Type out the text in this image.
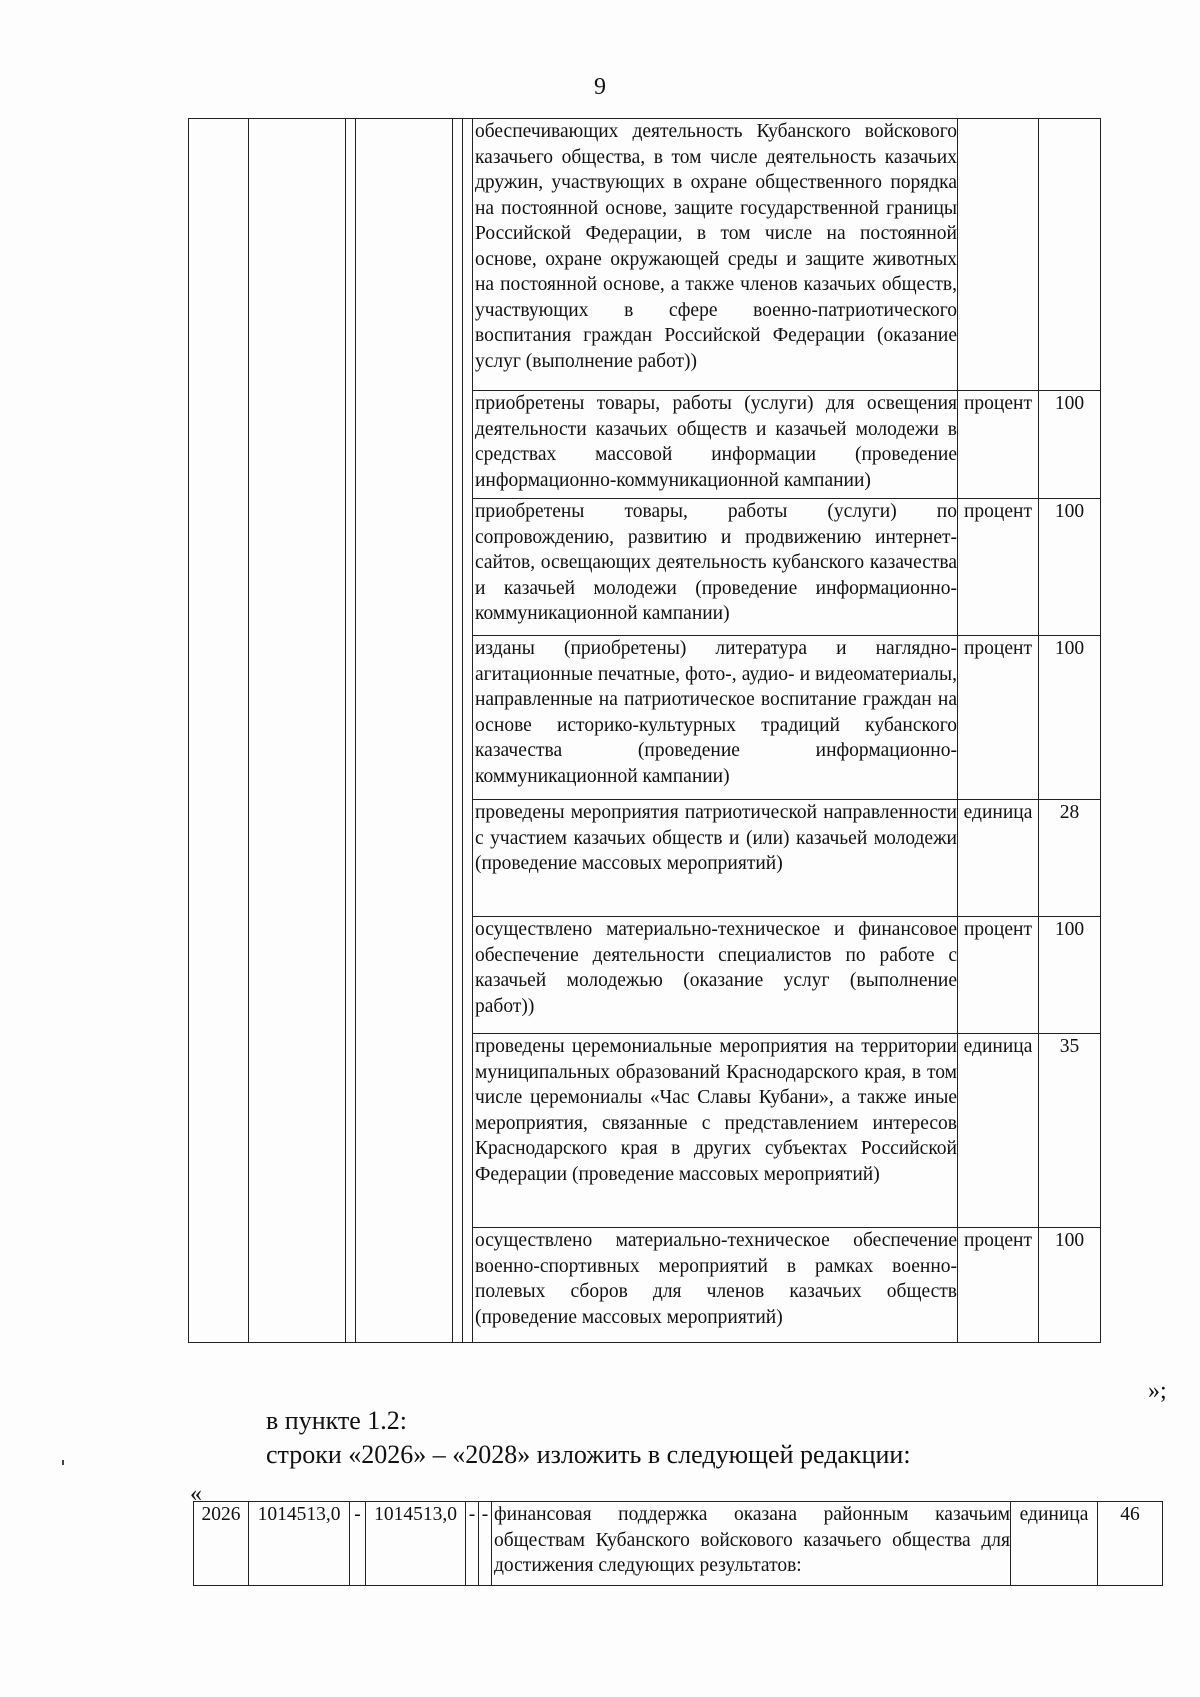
9
						обеспечивающих деятельность Кубанского войскового казачьего общества, в том числе деятельность казачьих дружин, участвующих в охране общественного порядка на постоянной основе, защите государственной границы Российской Федерации, в том числе на постоянной основе, охране окружающей среды и защите животных на постоянной основе, а также членов казачьих обществ, участвующих в сфере военно-патриотического воспитания граждан Российской Федерации (оказание услуг (выполнение работ))		
						приобретены товары, работы (услуги) для освещения деятельности казачьих обществ и казачьей молодежи в средствах массовой информации (проведение информационно-коммуникационной кампании)	процент	100
						приобретены товары, работы (услуги) по сопровождению, развитию и продвижению интернет-сайтов, освещающих деятельность кубанского казачества и казачьей молодежи (проведение информационно-коммуникационной кампании)	процент	100
						изданы (приобретены) литература и наглядно-агитационные печатные, фото-, аудио- и видеоматериалы, направленные на патриотическое воспитание граждан на основе историко-культурных традиций кубанского казачества (проведение информационно-коммуникационной кампании)	процент	100
						проведены мероприятия патриотической направленности с участием казачьих обществ и (или) казачьей молодежи (проведение массовых мероприятий)	единица	28
						осуществлено материально-техническое и финансовое обеспечение деятельности специалистов по работе с казачьей молодежью (оказание услуг (выполнение работ))	процент	100
						проведены церемониальные мероприятия на территории муниципальных образований Краснодарского края, в том числе церемониалы «Час Славы Кубани», а также иные мероприятия, связанные с представлением интересов Краснодарского края в других субъектах Российской Федерации (проведение массовых мероприятий)	единица	35
						осуществлено материально-техническое обеспечение военно-спортивных мероприятий в рамках военно-полевых сборов для членов казачьих обществ (проведение массовых мероприятий)	процент	100
»;
в пункте 1.2:
строки «2026» – «2028» изложить в следующей редакции:
«
2026	1014513,0	-	1014513,0	-	-	финансовая поддержка оказана районным казачьим обществам Кубанского войскового казачьего общества для достижения следующих результатов:	единица	46
